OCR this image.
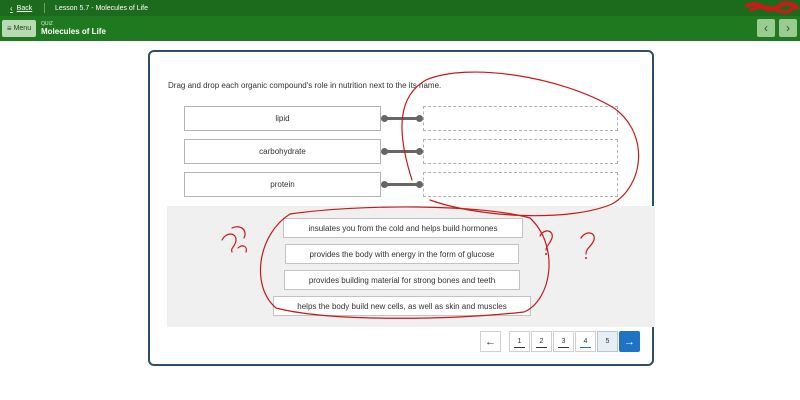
‹ Back	Lesson 5.7 - Molecules of Life
≡ Menu
QUIZ
Molecules of Life	‹ ›
Drag and drop each organic compound's role in nutrition next to the its name.
lipid
carbohydrate
protein
insulates you from the cold and helps build hormones
provides the body with energy in the form of glucose
provides building material for strong bones and teeth
helps the body build new cells, as well as skin and muscles
←	1	2	3	4	5 →
